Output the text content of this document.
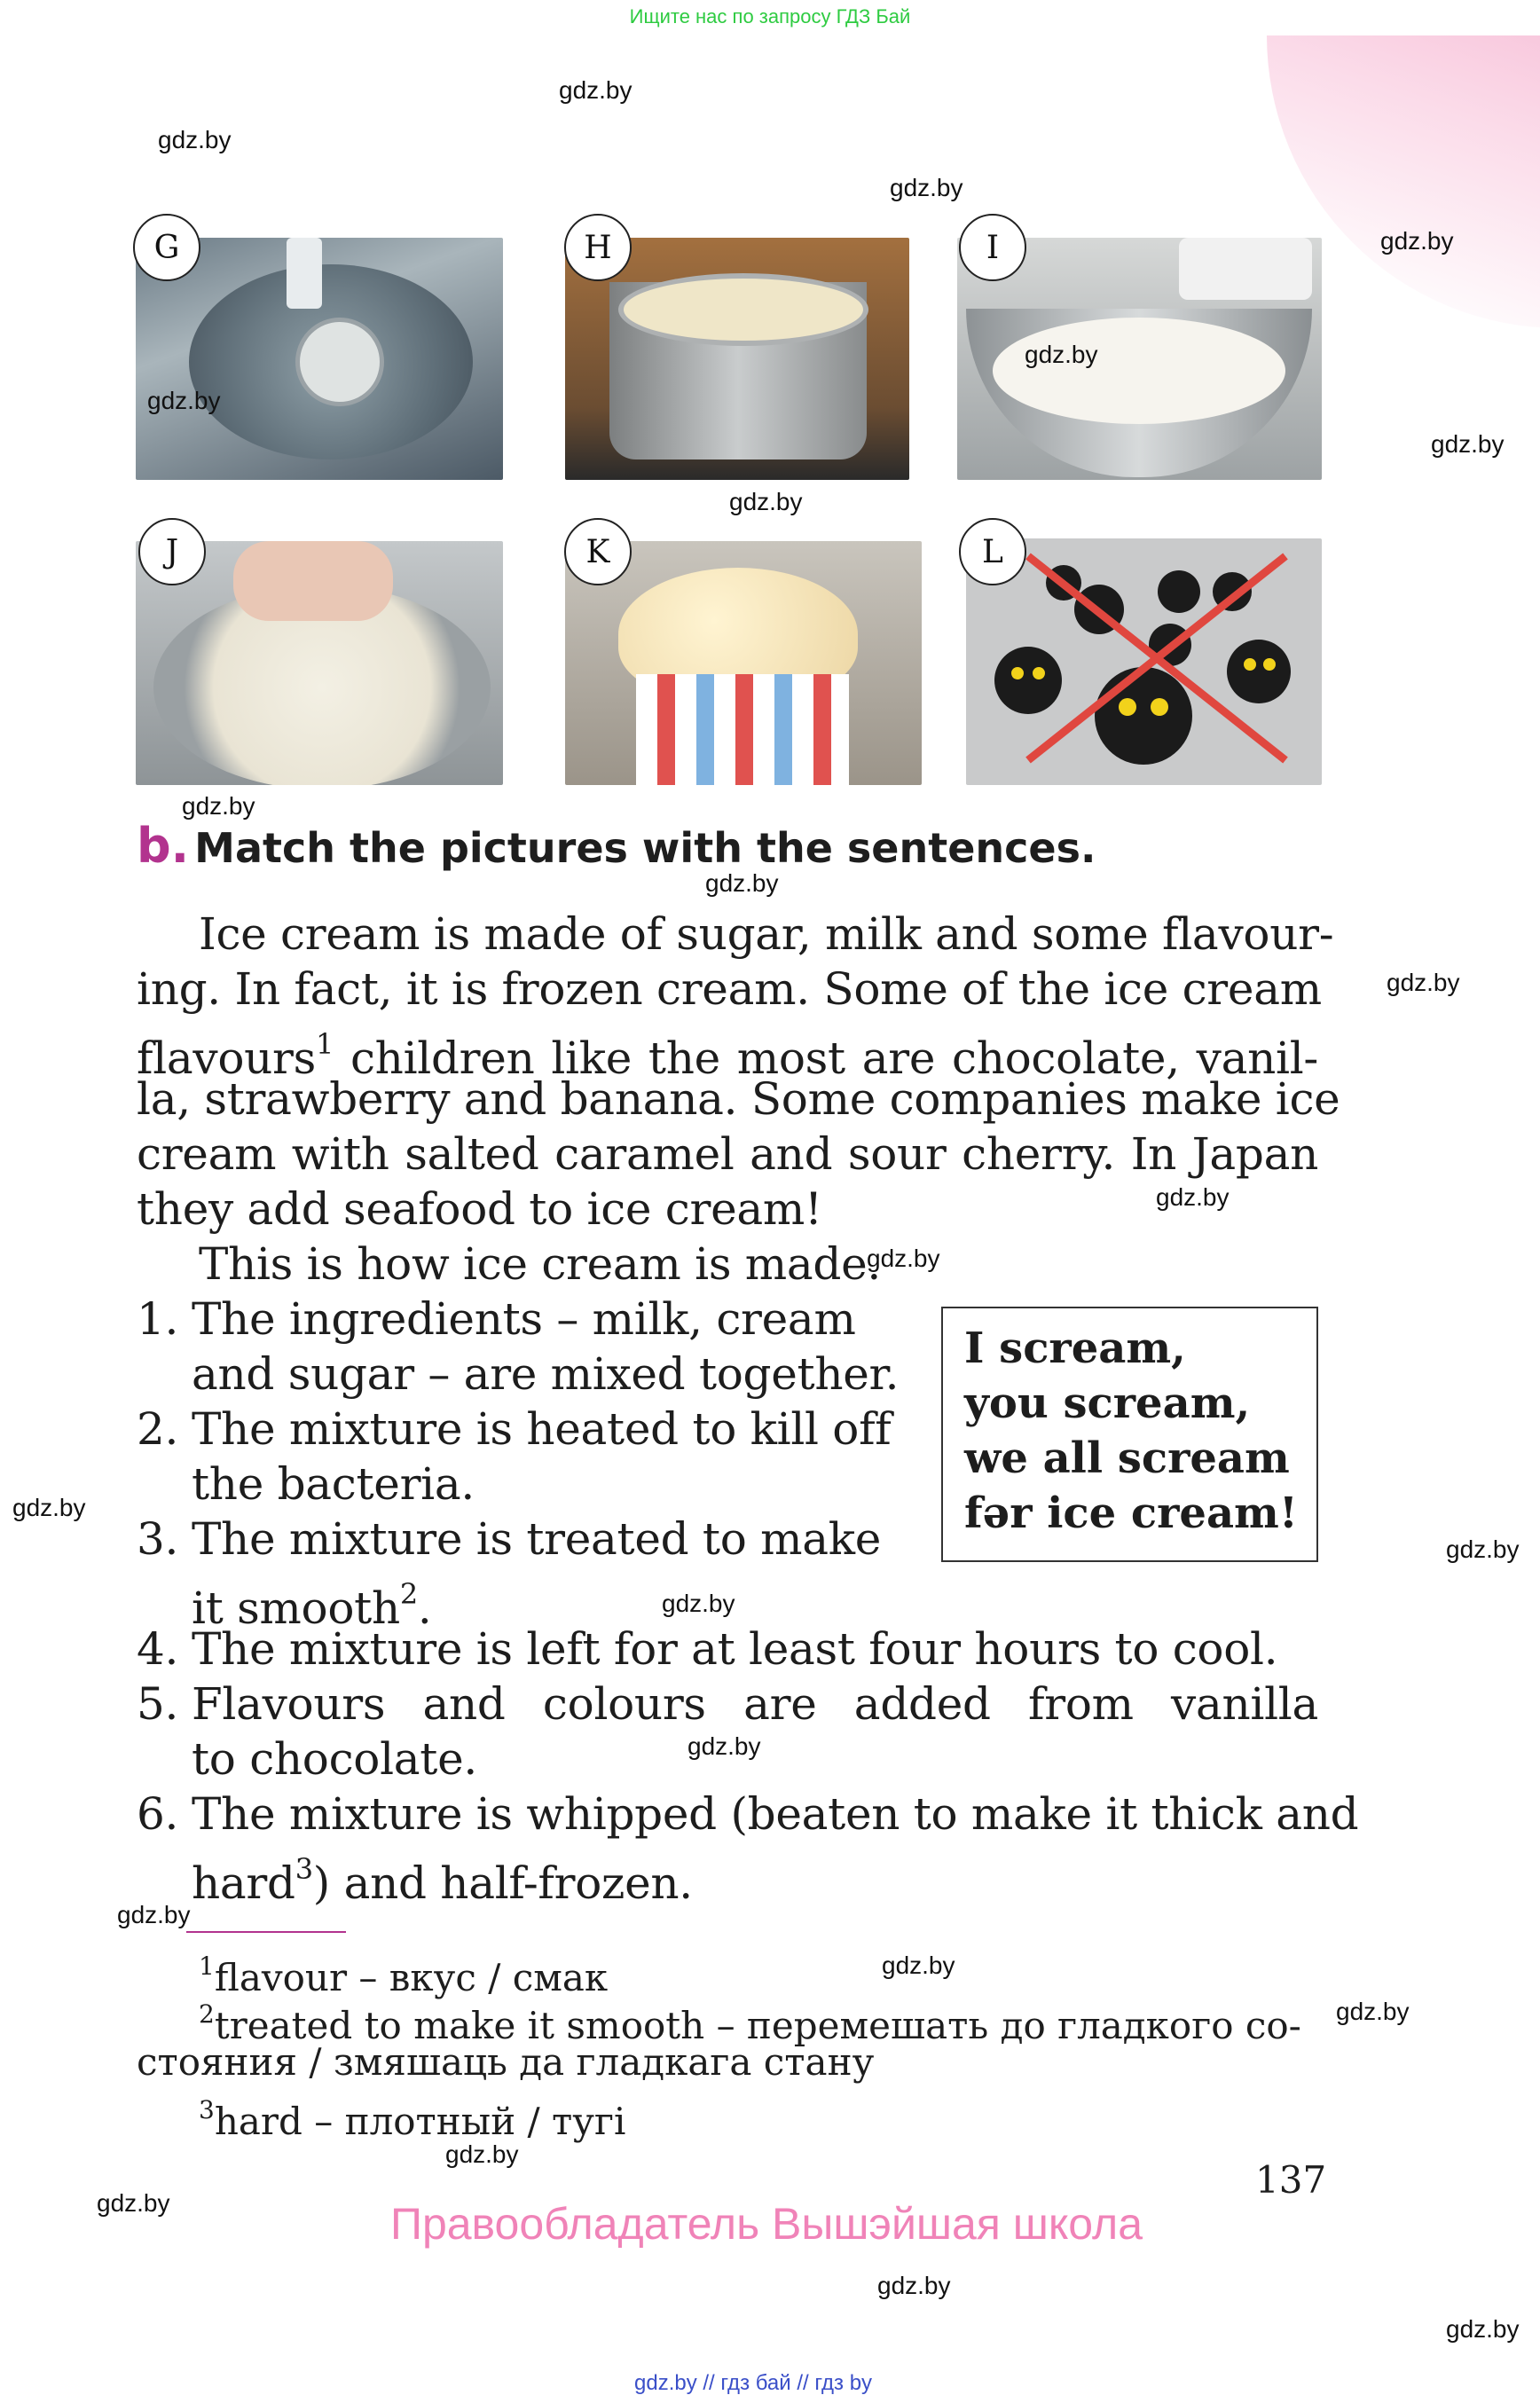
Ищите нас по запросу ГДЗ Бай
G	H	I
J	K	L
b. Match the pictures with the sentences.
Ice cream is made of sugar, milk and some flavour-
ing. In fact, it is frozen cream. Some of the ice cream
flavours$^1$ children like the most are chocolate, vanil-
la, strawberry and banana. Some companies make ice
cream with salted caramel and sour cherry. In Japan
they add seafood to ice cream!
This is how ice cream is made.
1. The ingredients – milk, cream
and sugar – are mixed together.
2. The mixture is heated to kill off
the bacteria.
3. The mixture is treated to make
it smooth$^2$.
4. The mixture is left for at least four hours to cool.
5. Flavours and colours are added from vanilla
to chocolate.
6. The mixture is whipped (beaten to make it thick and
hard$^3$) and half-frozen.
I scream,
you scream,
we all scream
fər ice cream!
$^1$flavour – вкус / смак
$^2$treated to make it smooth – перемешать до гладкого со-
стояния / змяшаць да гладкага стану
$^3$hard – плотный / тугі
137
Правообладатель Вышэйшая школа
gdz.by // гдз бай // гдз by
gdz.by
gdz.by
gdz.by
gdz.by
gdz.by
gdz.by
gdz.by
gdz.by
gdz.by
gdz.by
gdz.by
gdz.by
gdz.by
gdz.by
gdz.by
gdz.by
gdz.by
gdz.by
gdz.by
gdz.by
gdz.by
gdz.by
gdz.by
gdz.by
